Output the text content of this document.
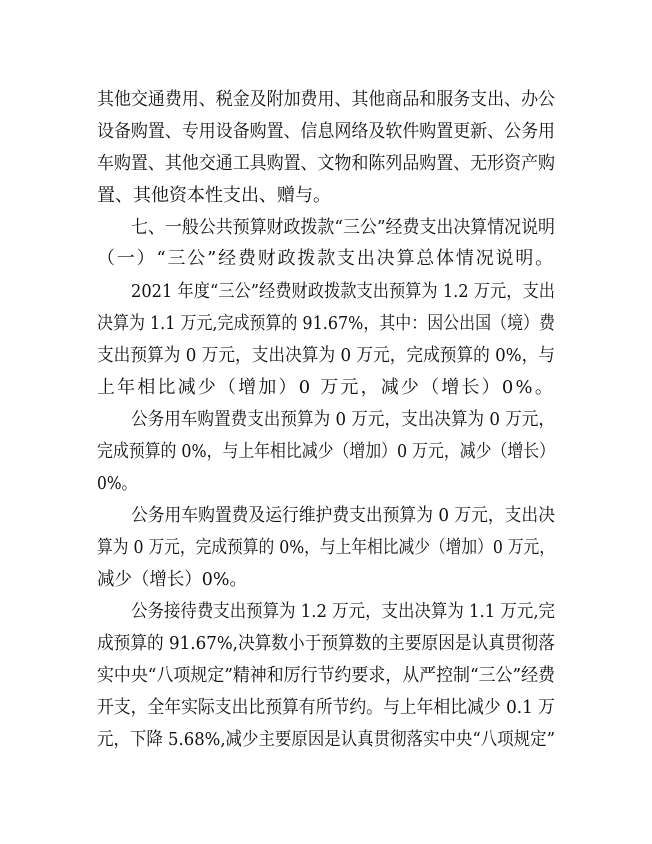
其他交通费用、税金及附加费用、其他商品和服务支出、办公
设备购置、专用设备购置、信息网络及软件购置更新、公务用
车购置、其他交通工具购置、文物和陈列品购置、无形资产购
置、其他资本性支出、赠与。
七、一般公共预算财政拨款“三公”经费支出决算情况说明
（一）“三公”经费财政拨款支出决算总体情况说明。
2021 年度“三公”经费财政拨款支出预算为 1.2 万元，支出
决算为 1.1 万元,完成预算的 91.67%，其中：因公出国（境）费
支出预算为 0 万元，支出决算为 0 万元，完成预算的 0%，与
上年相比减少（增加）0 万元，减少（增长）0%。
公务用车购置费支出预算为 0 万元，支出决算为 0 万元，
完成预算的 0%，与上年相比减少（增加）0 万元，减少（增长）
0%。
公务用车购置费及运行维护费支出预算为 0 万元，支出决
算为 0 万元，完成预算的 0%，与上年相比减少（增加）0 万元，
减少（增长）0%。
公务接待费支出预算为 1.2 万元，支出决算为 1.1 万元,完
成预算的 91.67%,决算数小于预算数的主要原因是认真贯彻落
实中央“八项规定”精神和厉行节约要求，从严控制“三公”经费
开支，全年实际支出比预算有所节约。与上年相比减少 0.1 万
元，下降 5.68%,减少主要原因是认真贯彻落实中央“八项规定”
